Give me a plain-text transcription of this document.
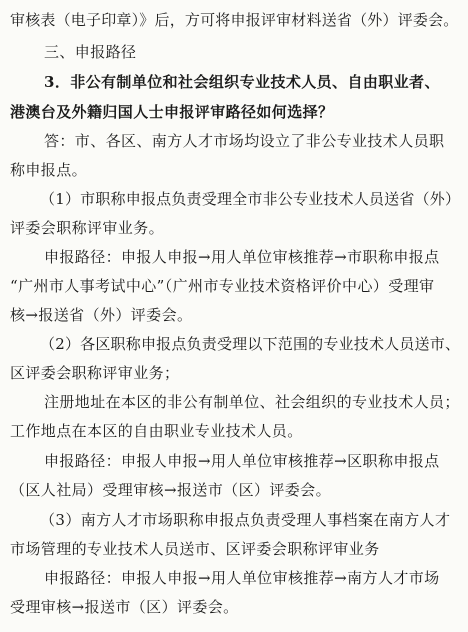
审核表（电子印章）》后，方可将申报评审材料送省（外）评委会。
三、申报路径
3．非公有制单位和社会组织专业技术人员、自由职业者、
港澳台及外籍归国人士申报评审路径如何选择？
答：市、各区、南方人才市场均设立了非公专业技术人员职
称申报点。
（1）市职称申报点负责受理全市非公专业技术人员送省（外）
评委会职称评审业务。
申报路径：申报人申报→用人单位审核推荐→市职称申报点
“广州市人事考试中心”（广州市专业技术资格评价中心）受理审
核→报送省（外）评委会。
（2）各区职称申报点负责受理以下范围的专业技术人员送市、
区评委会职称评审业务；
注册地址在本区的非公有制单位、社会组织的专业技术人员；
工作地点在本区的自由职业专业技术人员。
申报路径：申报人申报→用人单位审核推荐→区职称申报点
（区人社局）受理审核→报送市（区）评委会。
（3）南方人才市场职称申报点负责受理人事档案在南方人才
市场管理的专业技术人员送市、区评委会职称评审业务
申报路径：申报人申报→用人单位审核推荐→南方人才市场
受理审核→报送市（区）评委会。
